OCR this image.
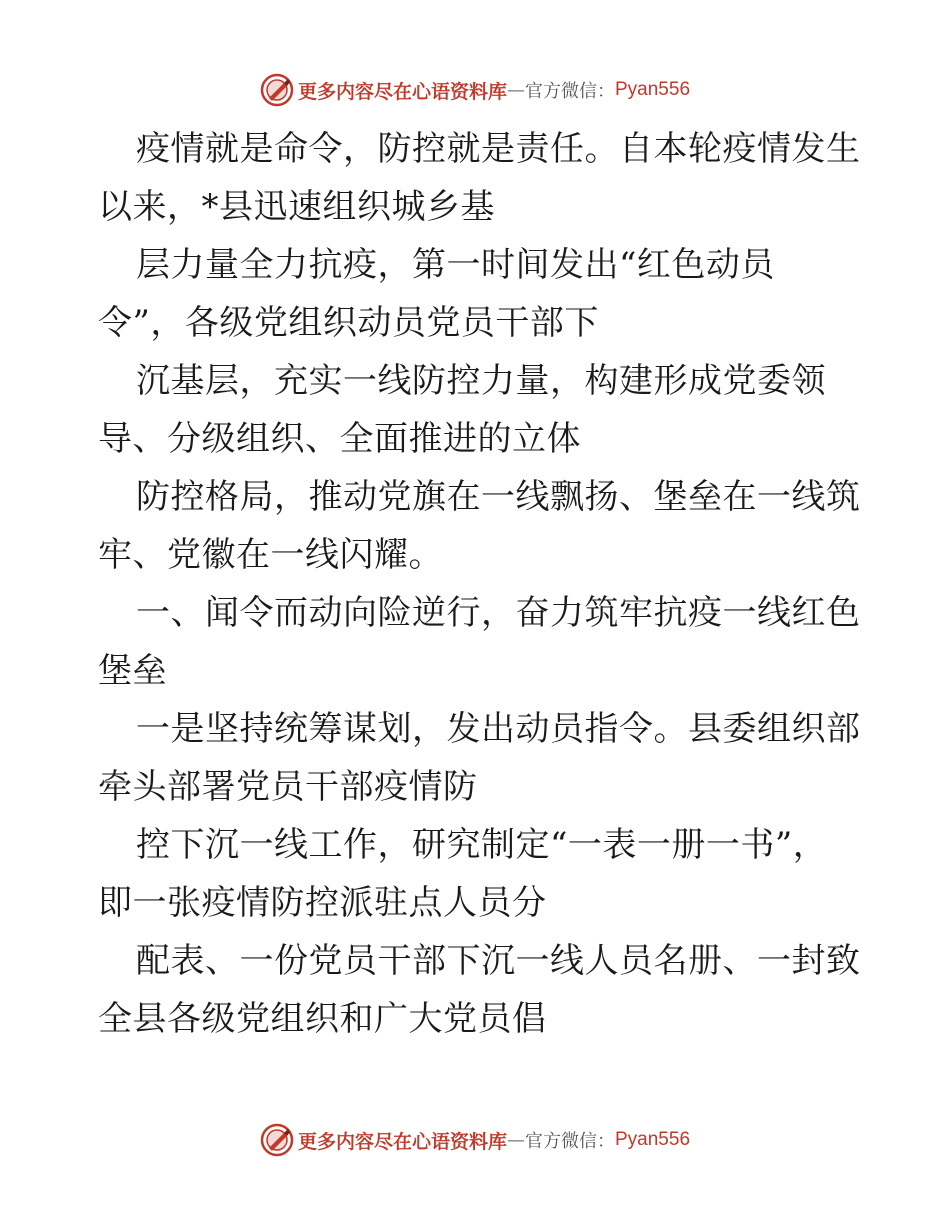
更多内容尽在心语资料库 — 官方微信： Pyan556
疫情就是命令，防控就是责任。自本轮疫情发生
以来，*县迅速组织城乡基
层力量全力抗疫，第一时间发出“红色动员
令”，各级党组织动员党员干部下
沉基层，充实一线防控力量，构建形成党委领
导、分级组织、全面推进的立体
防控格局，推动党旗在一线飘扬、堡垒在一线筑
牢、党徽在一线闪耀。
一、闻令而动向险逆行，奋力筑牢抗疫一线红色
堡垒
一是坚持统筹谋划，发出动员指令。县委组织部
牵头部署党员干部疫情防
控下沉一线工作，研究制定“一表一册一书”，
即一张疫情防控派驻点人员分
配表、一份党员干部下沉一线人员名册、一封致
全县各级党组织和广大党员倡
更多内容尽在心语资料库 — 官方微信： Pyan556
